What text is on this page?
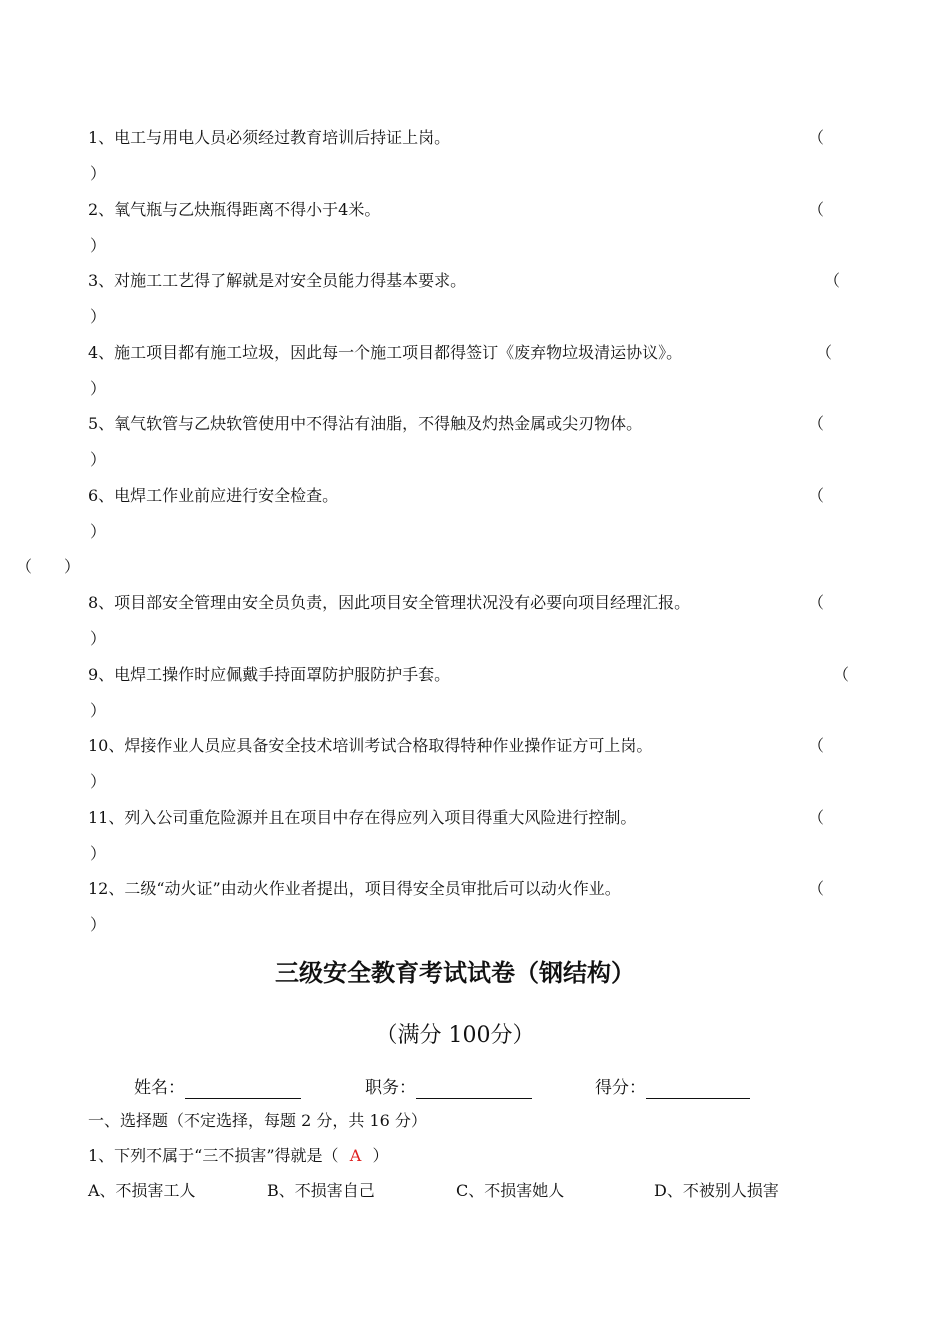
1、电工与用电人员必须经过教育培训后持证上岗。	（
）
2、氧气瓶与乙炔瓶得距离不得小于4米。	（
）
3、对施工工艺得了解就是对安全员能力得基本要求。	（
）
4、施工项目都有施工垃圾，因此每一个施工项目都得签订《废弃物垃圾清运协议》。	（
）
5、氧气软管与乙炔软管使用中不得沾有油脂，不得触及灼热金属或尖刃物体。	（
）
6、电焊工作业前应进行安全检查。	（
）
（　　）
8、项目部安全管理由安全员负责，因此项目安全管理状况没有必要向项目经理汇报。	（
）
9、电焊工操作时应佩戴手持面罩防护服防护手套。	（
）
10、焊接作业人员应具备安全技术培训考试合格取得特种作业操作证方可上岗。	（
）
11、列入公司重危险源并且在项目中存在得应列入项目得重大风险进行控制。	（
）
12、二级“动火证”由动火作业者提出，项目得安全员审批后可以动火作业。	（
）
三级安全教育考试试卷（钢结构）
（满分 100分）
姓名：	职务：	得分：
一、选择题（不定选择，每题 2 分，共 16 分）
1、下列不属于“三不损害”得就是（ A ）
A、不损害工人	B、不损害自己	C、不损害她人	D、不被别人损害
